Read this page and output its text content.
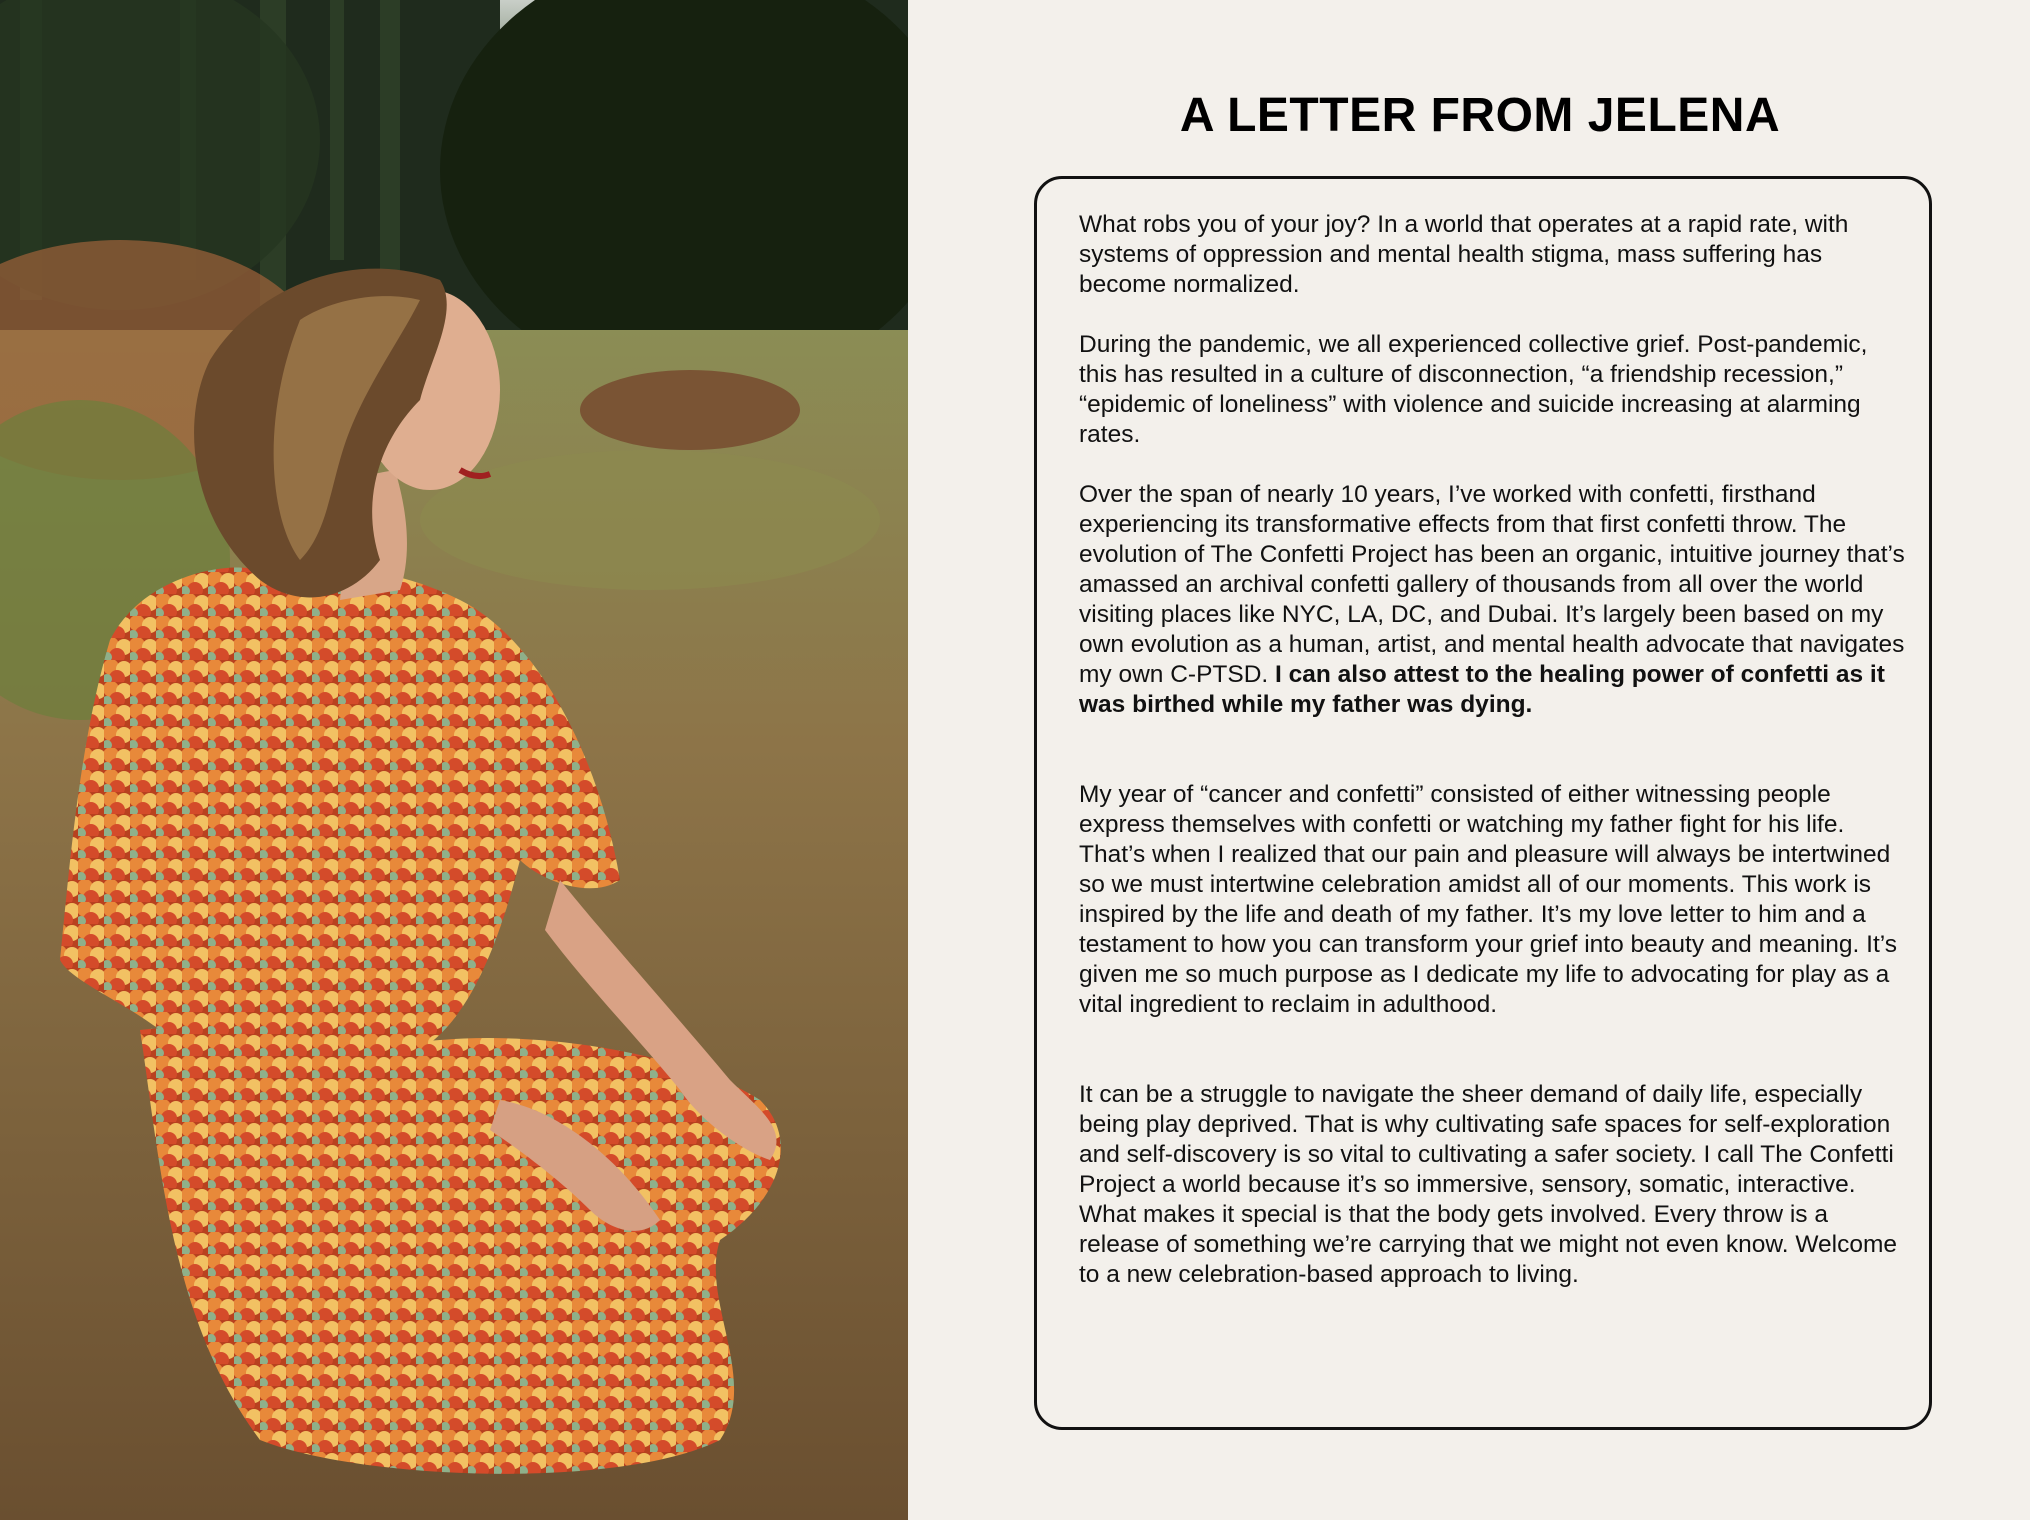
A LETTER FROM JELENA

What robs you of your joy? In a world that operates at a rapid rate, with systems of oppression and mental health stigma, mass suffering has become normalized.

During the pandemic, we all experienced collective grief. Post-pandemic, this has resulted in a culture of disconnection, “a friendship recession,” “epidemic of loneliness” with violence and suicide increasing at alarming rates.

Over the span of nearly 10 years, I’ve worked with confetti, firsthand experiencing its transformative effects from that first confetti throw. The evolution of The Confetti Project has been an organic, intuitive journey that’s amassed an archival confetti gallery of thousands from all over the world visiting places like NYC, LA, DC, and Dubai. It’s largely been based on my own evolution as a human, artist, and mental health advocate that navigates my own C-PTSD. I can also attest to the healing power of confetti as it was birthed while my father was dying.

My year of “cancer and confetti” consisted of either witnessing people express themselves with confetti or watching my father fight for his life. That’s when I realized that our pain and pleasure will always be intertwined so we must intertwine celebration amidst all of our moments. This work is inspired by the life and death of my father. It’s my love letter to him and a testament to how you can transform your grief into beauty and meaning. It’s given me so much purpose as I dedicate my life to advocating for play as a vital ingredient to reclaim in adulthood.

It can be a struggle to navigate the sheer demand of daily life, especially being play deprived. That is why cultivating safe spaces for self-exploration and self-discovery is so vital to cultivating a safer society. I call The Confetti Project a world because it’s so immersive, sensory, somatic, interactive. What makes it special is that the body gets involved. Every throw is a release of something we’re carrying that we might not even know. Welcome to a new celebration-based approach to living.
